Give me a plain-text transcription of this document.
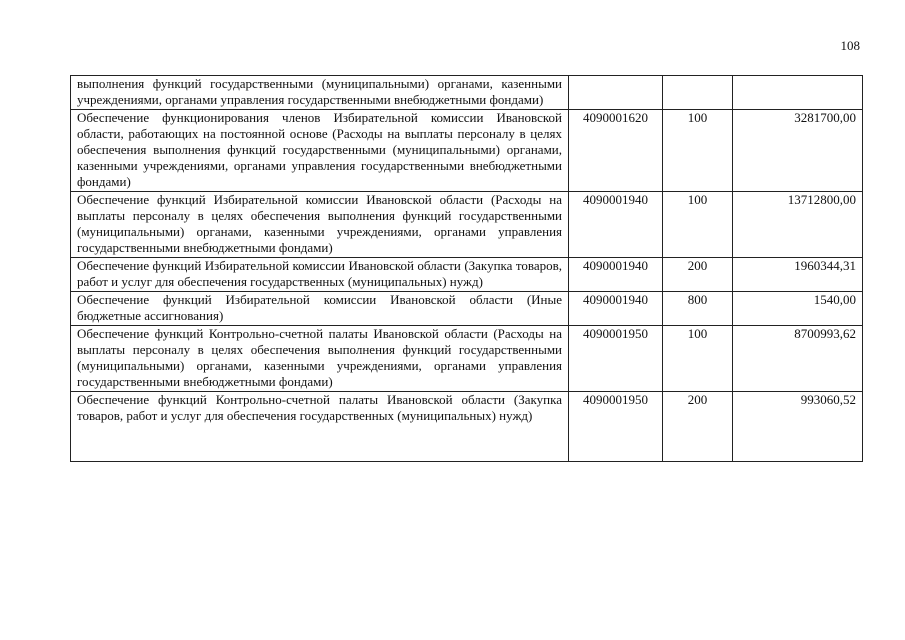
108
выполнения функций государственными (муниципальными) органами, казенными учреждениями, органами управления государственными внебюджетными фондами)			
Обеспечение функционирования членов Избирательной комиссии Ивановской области, работающих на постоянной основе (Расходы на выплаты персоналу в целях обеспечения выполнения функций государственными (муниципальными) органами, казенными учреждениями, органами управления государственными внебюджетными фондами)	4090001620	100	3281700,00
Обеспечение функций Избирательной комиссии Ивановской области (Расходы на выплаты персоналу в целях обеспечения выполнения функций государственными (муниципальными) органами, казенными учреждениями, органами управления государственными внебюджетными фондами)	4090001940	100	13712800,00
Обеспечение функций Избирательной комиссии Ивановской области (Закупка товаров, работ и услуг для обеспечения государственных (муниципальных) нужд)	4090001940	200	1960344,31
Обеспечение функций Избирательной комиссии Ивановской области (Иные бюджетные ассигнования)	4090001940	800	1540,00
Обеспечение функций Контрольно-счетной палаты Ивановской области (Расходы на выплаты персоналу в целях обеспечения выполнения функций государственными (муниципальными) органами, казенными учреждениями, органами управления государственными внебюджетными фондами)	4090001950	100	8700993,62
Обеспечение функций Контрольно-счетной палаты Ивановской области (Закупка товаров, работ и услуг для обеспечения государственных (муниципальных) нужд)	4090001950	200	993060,52
